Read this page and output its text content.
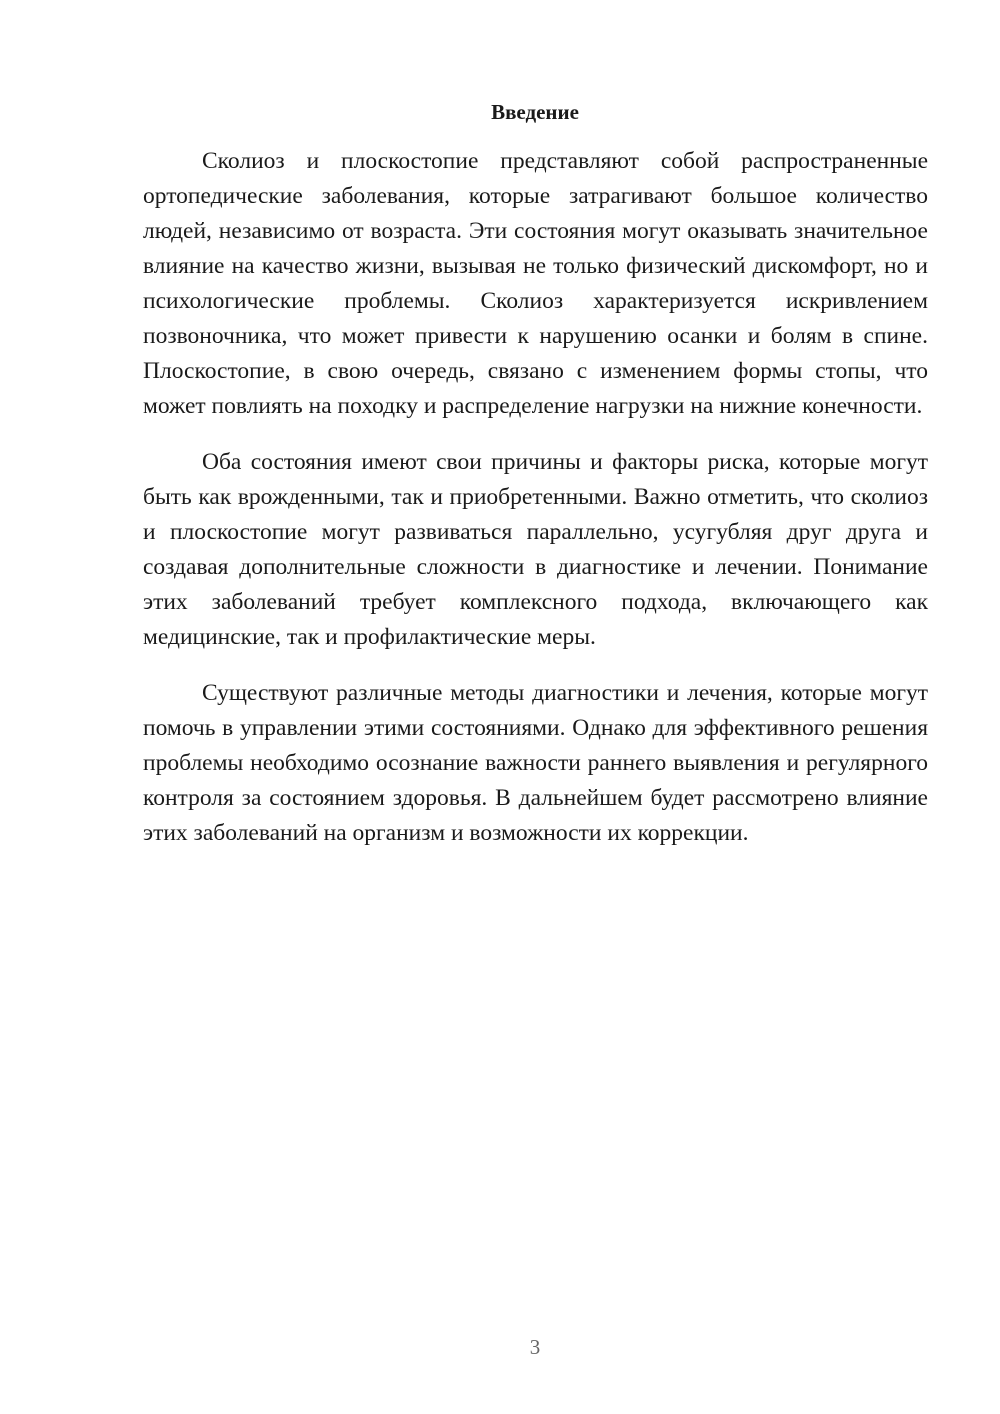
Введение

Сколиоз и плоскостопие представляют собой распространенные ортопедические заболевания, которые затрагивают большое количество людей, независимо от возраста. Эти состояния могут оказывать значительное влияние на качество жизни, вызывая не только физический дискомфорт, но и психологические проблемы. Сколиоз характеризуется искривлением позвоночника, что может привести к нарушению осанки и болям в спине. Плоскостопие, в свою очередь, связано с изменением формы стопы, что может повлиять на походку и распределение нагрузки на нижние конечности.

Оба состояния имеют свои причины и факторы риска, которые могут быть как врожденными, так и приобретенными. Важно отметить, что сколиоз и плоскостопие могут развиваться параллельно, усугубляя друг друга и создавая дополнительные сложности в диагностике и лечении. Понимание этих заболеваний требует комплексного подхода, включающего как медицинские, так и профилактические меры.

Существуют различные методы диагностики и лечения, которые могут помочь в управлении этими состояниями. Однако для эффективного решения проблемы необходимо осознание важности раннего выявления и регулярного контроля за состоянием здоровья. В дальнейшем будет рассмотрено влияние этих заболеваний на организм и возможности их коррекции.

3
